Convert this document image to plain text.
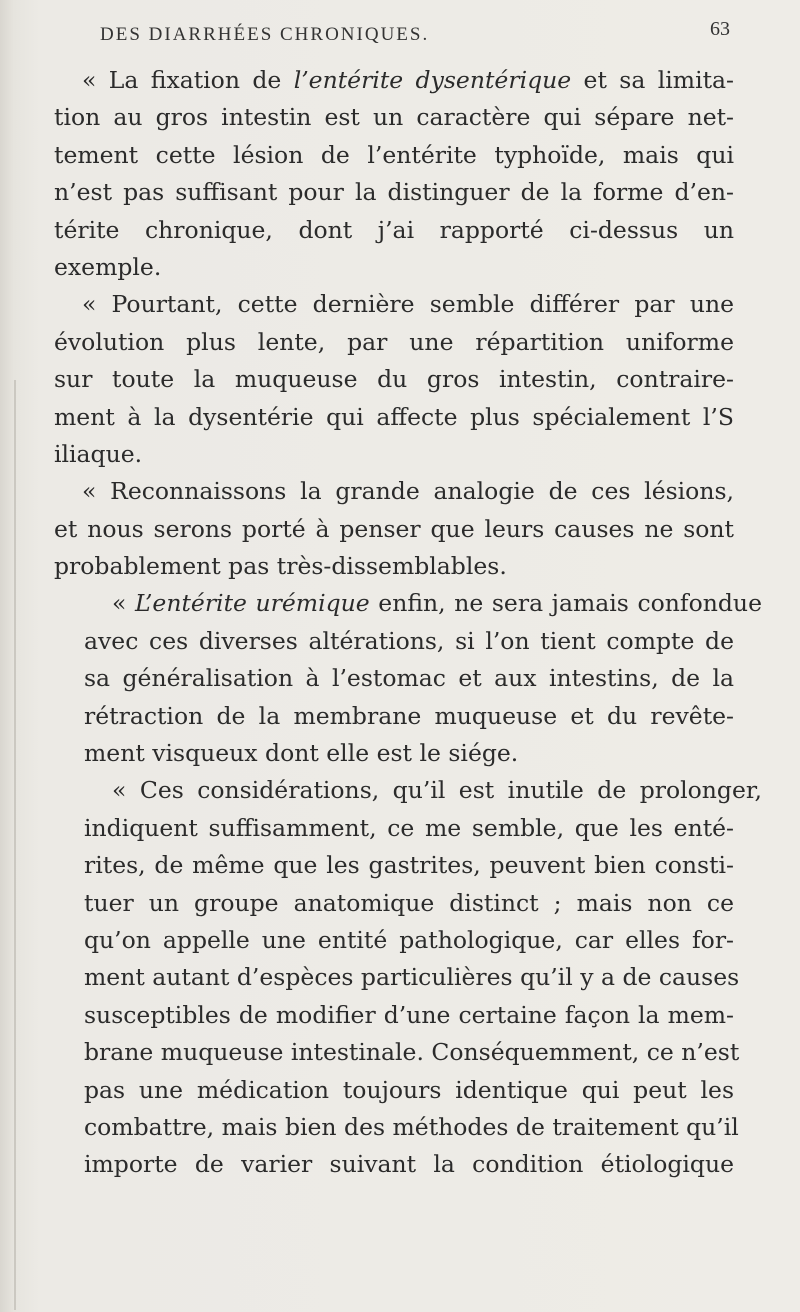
DES DIARRHÉES CHRONIQUES.	63
« La fixation de l’entérite dysentérique et sa limita-
tion au gros intestin est un caractère qui sépare net-
tement cette lésion de l’entérite typhoïde, mais qui
n’est pas suffisant pour la distinguer de la forme d’en-
térite chronique, dont j’ai rapporté ci-dessus un
exemple.
« Pourtant, cette dernière semble différer par une
évolution plus lente, par une répartition uniforme
sur toute la muqueuse du gros intestin, contraire-
ment à la dysentérie qui affecte plus spécialement l’S
iliaque.
« Reconnaissons la grande analogie de ces lésions,
et nous serons porté à penser que leurs causes ne sont
probablement pas très-dissemblables.
« L’entérite urémique enfin, ne sera jamais confondue
avec ces diverses altérations, si l’on tient compte de
sa généralisation à l’estomac et aux intestins, de la
rétraction de la membrane muqueuse et du revête-
ment visqueux dont elle est le siége.
« Ces considérations, qu’il est inutile de prolonger,
indiquent suffisamment, ce me semble, que les enté-
rites, de même que les gastrites, peuvent bien consti-
tuer un groupe anatomique distinct ; mais non ce
qu’on appelle une entité pathologique, car elles for-
ment autant d’espèces particulières qu’il y a de causes
susceptibles de modifier d’une certaine façon la mem-
brane muqueuse intestinale. Conséquemment, ce n’est
pas une médication toujours identique qui peut les
combattre, mais bien des méthodes de traitement qu’il
importe de varier suivant la condition étiologique
